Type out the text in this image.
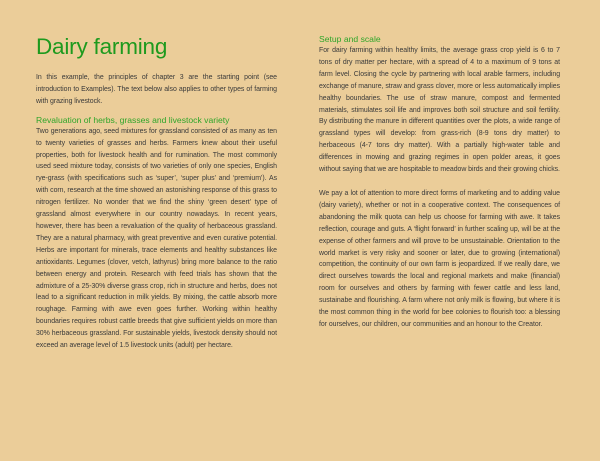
Dairy farming

In this example, the principles of chapter 3 are the starting point (see introduction to Examples). The text below also applies to other types of farming with grazing livestock.

Revaluation of herbs, grasses and livestock variety

Two generations ago, seed mixtures for grassland consisted of as many as ten to twenty varieties of grasses and herbs. Farmers knew about their useful properties, both for livestock health and for rumination. The most commonly used seed mixture today, consists of two varieties of only one species, English rye-grass (with specifications such as ‘super’, ‘super plus’ and ‘premium’). As with corn, research at the time showed an astonishing response of this grass to nitrogen fertilizer. No wonder that we find the shiny ‘green desert’ type of grassland almost everywhere in our country nowadays. In recent years, however, there has been a revaluation of the quality of herbaceous grassland. They are a natural pharmacy, with great preventive and even curative potential. Herbs are important for minerals, trace elements and healthy substances like antioxidants. Legumes (clover, vetch, lathyrus) bring more balance to the ratio between energy and protein. Research with feed trials has shown that the admixture of a 25-30% diverse grass crop, rich in structure and herbs, does not lead to a significant reduction in milk yields. By mixing, the cattle absorb more roughage. Farming with awe even goes further. Working within healthy boundaries requires robust cattle breeds that give sufficient yields on more than 30% herbaceous grassland. For sustainable yields, livestock density should not exceed an average level of 1.5 livestock units (adult) per hectare.

Setup and scale

For dairy farming within healthy limits, the average grass crop yield is 6 to 7 tons of dry matter per hectare, with a spread of 4 to a maximum of 9 tons at farm level. Closing the cycle by partnering with local arable farmers, including exchange of manure, straw and grass clover, more or less automatically implies healthy boundaries. The use of straw manure, compost and fermented materials, stimulates soil life and improves both soil structure and soil fertility. By distributing the manure in different quantities over the plots, a wide range of grassland types will develop: from grass-rich (8-9 tons dry matter) to herbaceous (4-7 tons dry matter). With a partially high-water table and differences in mowing and grazing regimes in open polder areas, it goes without saying that we are hospitable to meadow birds and their growing chicks.

We pay a lot of attention to more direct forms of marketing and to adding value (dairy variety), whether or not in a cooperative context. The consequences of abandoning the milk quota can help us choose for farming with awe. It takes reflection, courage and guts. A ‘flight forward’ in further scaling up, will be at the expense of other farmers and will prove to be unsustainable. Orientation to the world market is very risky and sooner or later, due to growing (international) competition, the continuity of our own farm is jeopardized. If we really dare, we direct ourselves towards the local and regional markets and make (financial) room for ourselves and others by farming with fewer cattle and less land, sustainabe and flourishing. A farm where not only milk is flowing, but where it is the most common thing in the world for bee colonies to flourish too: a blessing for ourselves, our children, our communities and an honour to the Creator.
